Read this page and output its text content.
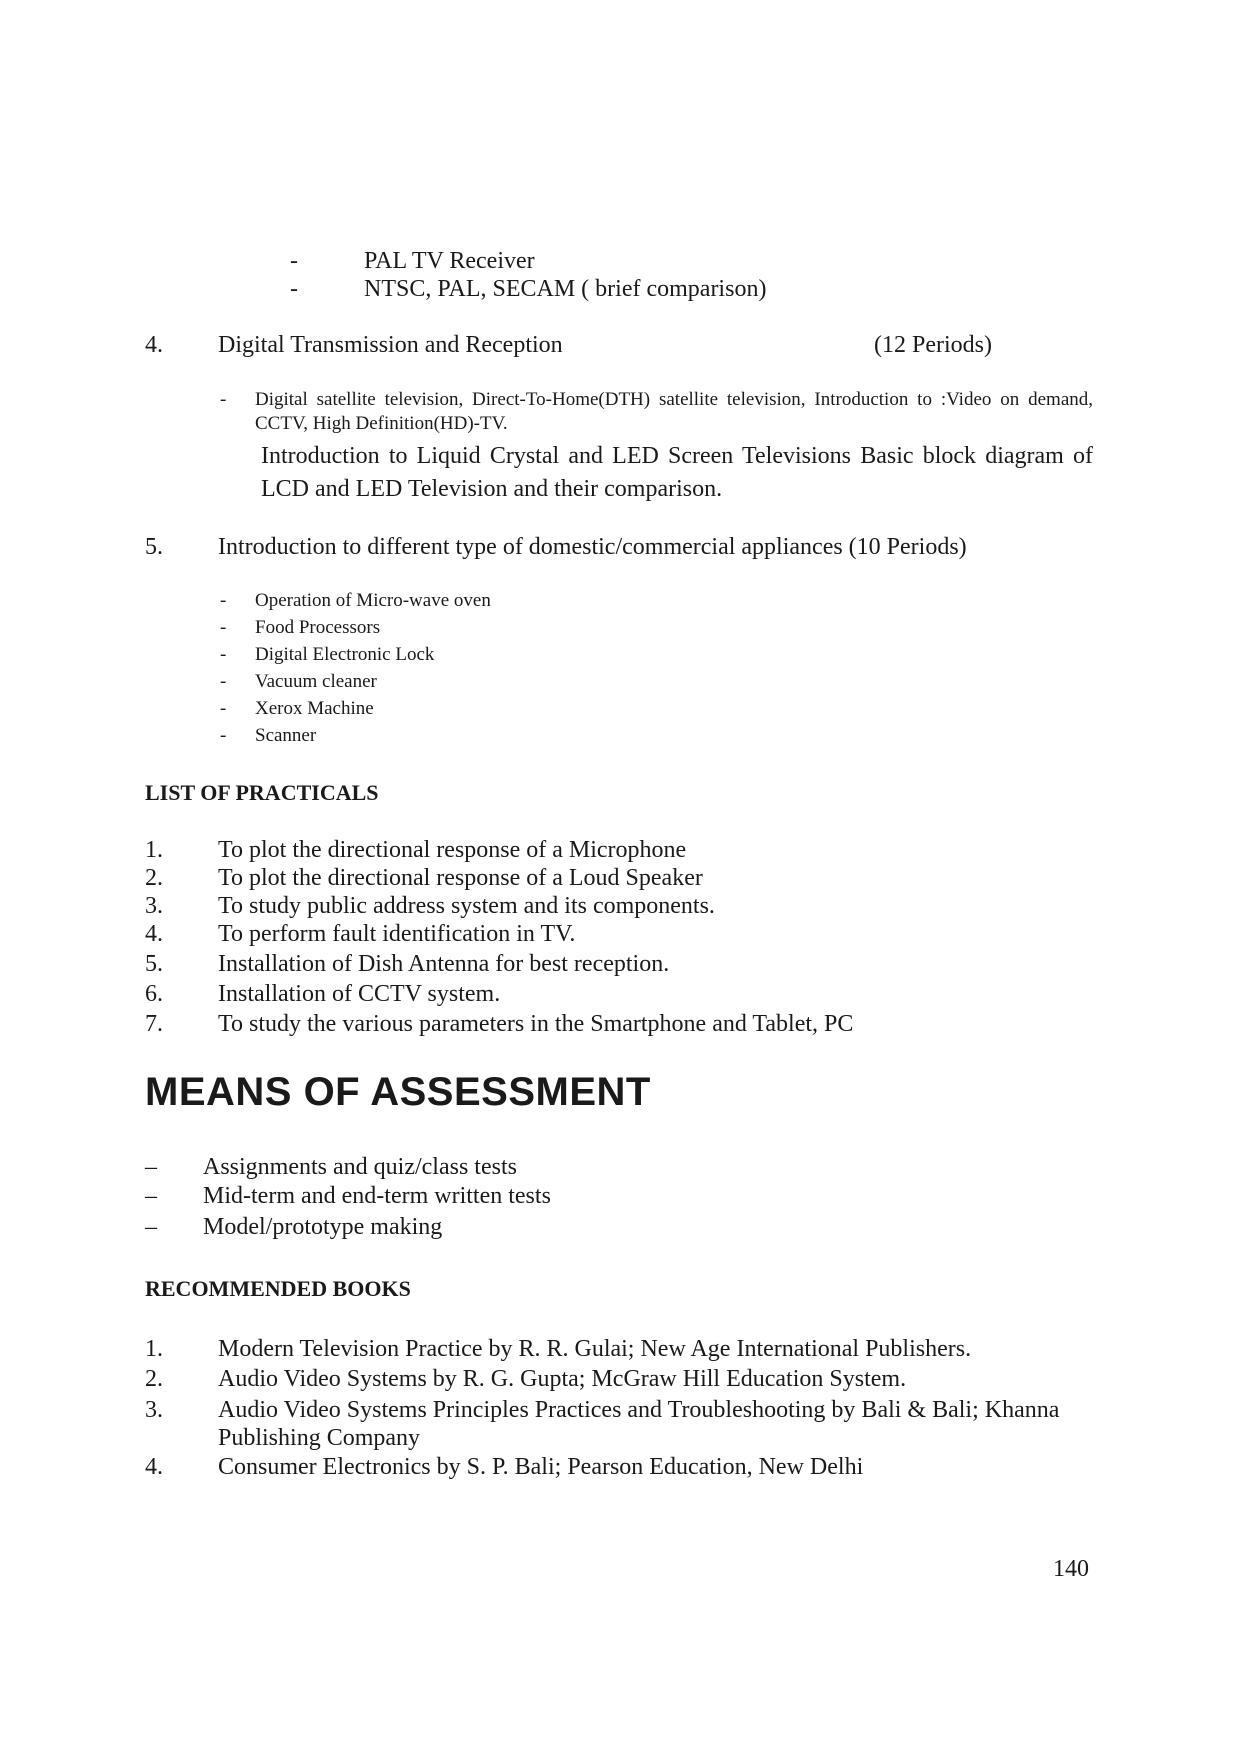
-	PAL TV Receiver
-	NTSC, PAL, SECAM ( brief comparison)
4. Digital Transmission and Reception	(12 Periods)
- Digital satellite television, Direct-To-Home(DTH) satellite television, Introduction to :Video on demand, CCTV, High Definition(HD)-TV.
Introduction to Liquid Crystal and LED Screen Televisions Basic block diagram of LCD and LED Television and their comparison.
5. Introduction to different type of domestic/commercial appliances (10 Periods)
- Operation of Micro-wave oven
- Food Processors
- Digital Electronic Lock
- Vacuum cleaner
- Xerox Machine
- Scanner
LIST OF PRACTICALS
1. To plot the directional response of a Microphone
2. To plot the directional response of a Loud Speaker
3. To study public address system and its components.
4. To perform fault identification in TV.
5. Installation of Dish Antenna for best reception.
6. Installation of CCTV system.
7. To study the various parameters in the Smartphone and Tablet, PC
MEANS OF ASSESSMENT
– Assignments and quiz/class tests
– Mid-term and end-term written tests
– Model/prototype making
RECOMMENDED BOOKS
1. Modern Television Practice by R. R. Gulai; New Age International Publishers.
2. Audio Video Systems by R. G. Gupta; McGraw Hill Education System.
3. Audio Video Systems Principles Practices and Troubleshooting by Bali & Bali; Khanna Publishing Company
4. Consumer Electronics by S. P. Bali; Pearson Education, New Delhi
140
